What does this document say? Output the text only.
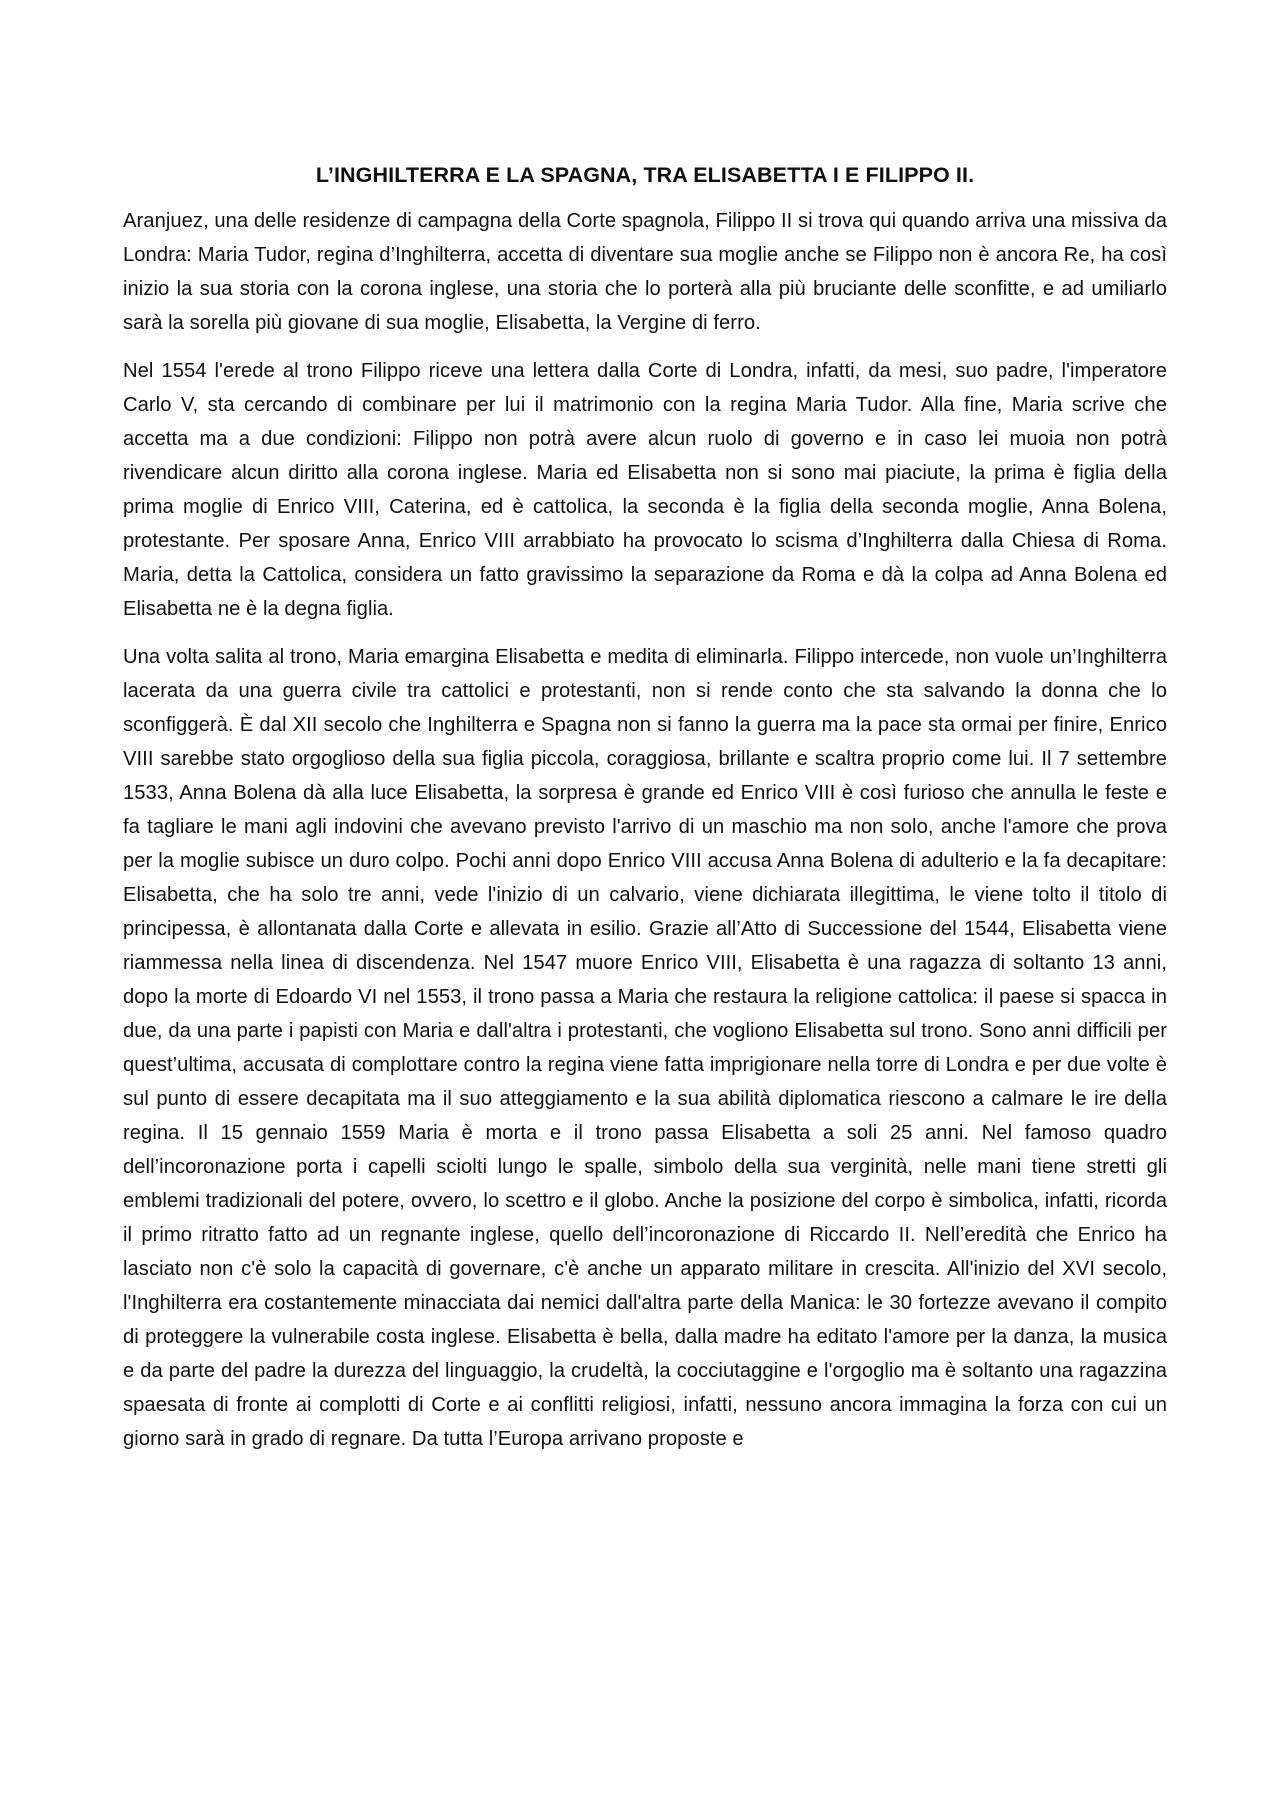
L’INGHILTERRA E LA SPAGNA, TRA ELISABETTA I E FILIPPO II.

Aranjuez, una delle residenze di campagna della Corte spagnola, Filippo II si trova qui quando arriva una missiva da Londra: Maria Tudor, regina d’Inghilterra, accetta di diventare sua moglie anche se Filippo non è ancora Re, ha così inizio la sua storia con la corona inglese, una storia che lo porterà alla più bruciante delle sconfitte, e ad umiliarlo sarà la sorella più giovane di sua moglie, Elisabetta, la Vergine di ferro.

Nel 1554 l'erede al trono Filippo riceve una lettera dalla Corte di Londra, infatti, da mesi, suo padre, l'imperatore Carlo V, sta cercando di combinare per lui il matrimonio con la regina Maria Tudor. Alla fine, Maria scrive che accetta ma a due condizioni: Filippo non potrà avere alcun ruolo di governo e in caso lei muoia non potrà rivendicare alcun diritto alla corona inglese. Maria ed Elisabetta non si sono mai piaciute, la prima è figlia della prima moglie di Enrico VIII, Caterina, ed è cattolica, la seconda è la figlia della seconda moglie, Anna Bolena, protestante. Per sposare Anna, Enrico VIII arrabbiato ha provocato lo scisma d’Inghilterra dalla Chiesa di Roma. Maria, detta la Cattolica, considera un fatto gravissimo la separazione da Roma e dà la colpa ad Anna Bolena ed Elisabetta ne è la degna figlia.

Una volta salita al trono, Maria emargina Elisabetta e medita di eliminarla. Filippo intercede, non vuole un’Inghilterra lacerata da una guerra civile tra cattolici e protestanti, non si rende conto che sta salvando la donna che lo sconfiggerà. È dal XII secolo che Inghilterra e Spagna non si fanno la guerra ma la pace sta ormai per finire, Enrico VIII sarebbe stato orgoglioso della sua figlia piccola, coraggiosa, brillante e scaltra proprio come lui. Il 7 settembre 1533, Anna Bolena dà alla luce Elisabetta, la sorpresa è grande ed Enrico VIII è così furioso che annulla le feste e fa tagliare le mani agli indovini che avevano previsto l'arrivo di un maschio ma non solo, anche l'amore che prova per la moglie subisce un duro colpo. Pochi anni dopo Enrico VIII accusa Anna Bolena di adulterio e la fa decapitare: Elisabetta, che ha solo tre anni, vede l'inizio di un calvario, viene dichiarata illegittima, le viene tolto il titolo di principessa, è allontanata dalla Corte e allevata in esilio. Grazie all’Atto di Successione del 1544, Elisabetta viene riammessa nella linea di discendenza. Nel 1547 muore Enrico VIII, Elisabetta è una ragazza di soltanto 13 anni, dopo la morte di Edoardo VI nel 1553, il trono passa a Maria che restaura la religione cattolica: il paese si spacca in due, da una parte i papisti con Maria e dall'altra i protestanti, che vogliono Elisabetta sul trono. Sono anni difficili per quest’ultima, accusata di complottare contro la regina viene fatta imprigionare nella torre di Londra e per due volte è sul punto di essere decapitata ma il suo atteggiamento e la sua abilità diplomatica riescono a calmare le ire della regina. Il 15 gennaio 1559 Maria è morta e il trono passa Elisabetta a soli 25 anni. Nel famoso quadro dell’incoronazione porta i capelli sciolti lungo le spalle, simbolo della sua verginità, nelle mani tiene stretti gli emblemi tradizionali del potere, ovvero, lo scettro e il globo. Anche la posizione del corpo è simbolica, infatti, ricorda il primo ritratto fatto ad un regnante inglese, quello dell’incoronazione di Riccardo II. Nell’eredità che Enrico ha lasciato non c'è solo la capacità di governare, c'è anche un apparato militare in crescita. All'inizio del XVI secolo, l'Inghilterra era costantemente minacciata dai nemici dall'altra parte della Manica: le 30 fortezze avevano il compito di proteggere la vulnerabile costa inglese. Elisabetta è bella, dalla madre ha editato l'amore per la danza, la musica e da parte del padre la durezza del linguaggio, la crudeltà, la cocciutaggine e l'orgoglio ma è soltanto una ragazzina spaesata di fronte ai complotti di Corte e ai conflitti religiosi, infatti, nessuno ancora immagina la forza con cui un giorno sarà in grado di regnare. Da tutta l’Europa arrivano proposte e
